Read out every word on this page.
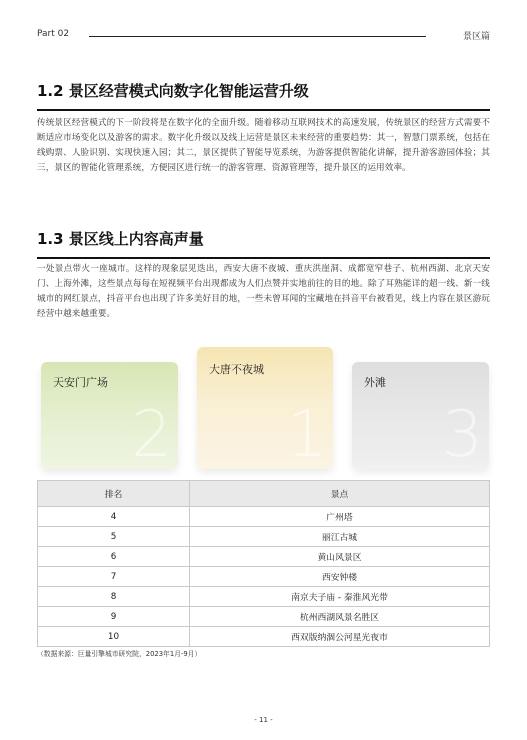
Part 02	景区篇
1.2 景区经营模式向数字化智能运营升级
传统景区经营模式的下一阶段将是在数字化的全面升级。随着移动互联网技术的高速发展，传统景区的经营方式需要不断适应市场变化以及游客的需求。数字化升级以及线上运营是景区未来经营的重要趋势：其一，智慧门票系统，包括在线购票、人脸识别、实现快速入园；其二，景区提供了智能导览系统，为游客提供智能化讲解，提升游客游园体验；其三，景区的智能化管理系统，方便园区进行统一的游客管理、资源管理等，提升景区的运用效率。
1.3 景区线上内容高声量
一处景点带火一座城市。这样的现象层见迭出，西安大唐不夜城、重庆洪崖洞、成都宽窄巷子、杭州西湖、北京天安门、上海外滩，这些景点每每在短视频平台出现都成为人们点赞并实地前往的目的地。除了耳熟能详的超一线、新一线城市的网红景点，抖音平台也出现了许多美好目的地，一些未曾耳闻的宝藏地在抖音平台被看见，线上内容在景区游玩经营中越来越重要。
天安门广场
2
大唐不夜城
1
外滩
3
排名	景点
4	广州塔
5	丽江古城
6	黄山风景区
7	西安钟楼
8	南京夫子庙 - 秦淮风光带
9	杭州西湖风景名胜区
10	西双版纳涸公河星光夜市
（数据来源：巨量引擎城市研究院，2023年1月-9月）
- 11 -
